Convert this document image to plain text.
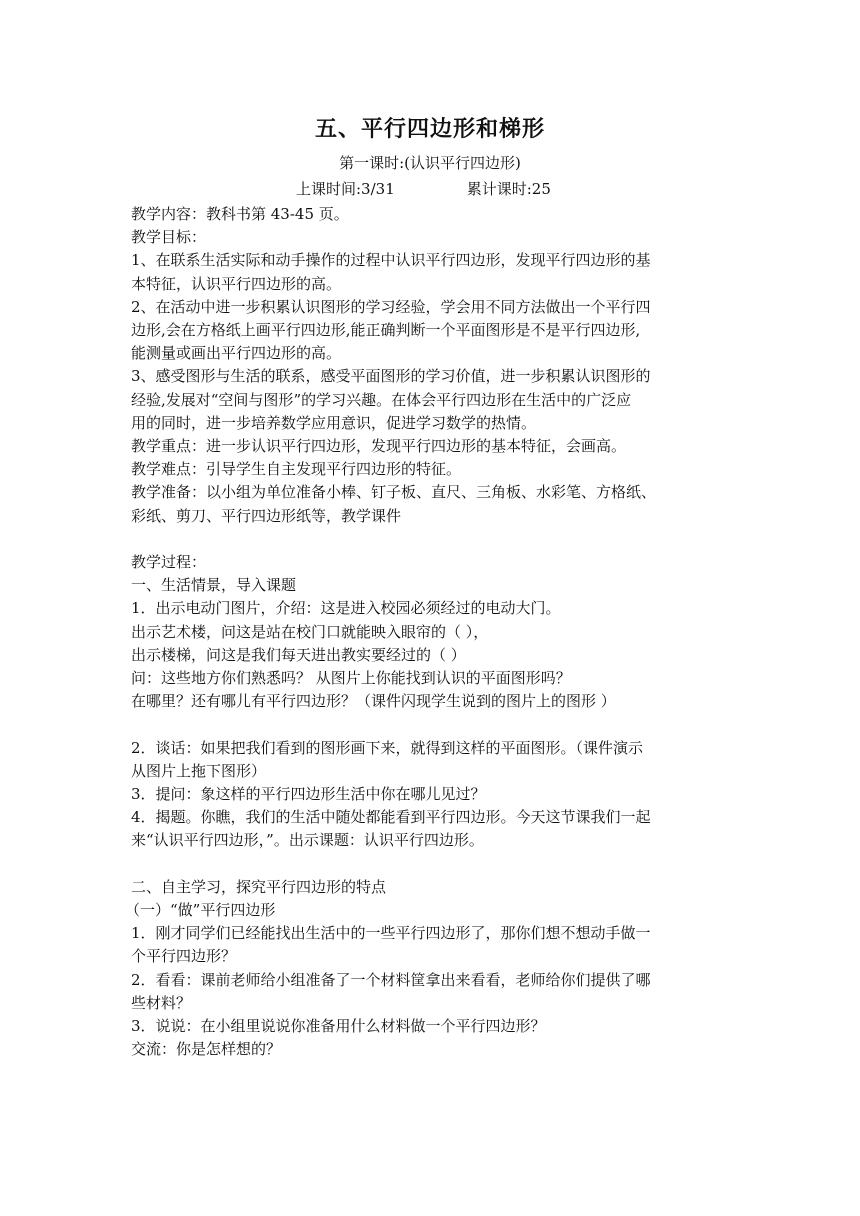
五、平行四边形和梯形
第一课时:(认识平行四边形)
上课时间:3/31	累计课时:25

教学内容：教科书第 43-45 页。

教学目标：

1、在联系生活实际和动手操作的过程中认识平行四边形，发现平行四边形的基

本特征，认识平行四边形的高。

2、在活动中进一步积累认识图形的学习经验，学会用不同方法做出一个平行四

边形,会在方格纸上画平行四边形,能正确判断一个平面图形是不是平行四边形,

能测量或画出平行四边形的高。

3、感受图形与生活的联系，感受平面图形的学习价值，进一步积累认识图形的

经验,发展对“空间与图形”的学习兴趣。在体会平行四边形在生活中的广泛应

用的同时，进一步培养数学应用意识，促进学习数学的热情。

教学重点：进一步认识平行四边形，发现平行四边形的基本特征，会画高。

教学难点：引导学生自主发现平行四边形的特征。

教学准备：以小组为单位准备小棒、钉子板、直尺、三角板、水彩笔、方格纸、

彩纸、剪刀、平行四边形纸等，教学课件

教学过程：

一、生活情景，导入课题

1．出示电动门图片，介绍：这是进入校园必须经过的电动大门。

出示艺术楼，问这是站在校门口就能映入眼帘的（ ），

出示楼梯，问这是我们每天进出教实要经过的（ ）

问：这些地方你们熟悉吗？ 从图片上你能找到认识的平面图形吗？

在哪里？还有哪儿有平行四边形？（课件闪现学生说到的图片上的图形 ）

2．谈话：如果把我们看到的图形画下来，就得到这样的平面图形。（课件演示

从图片上拖下图形）

3．提问：象这样的平行四边形生活中你在哪儿见过？

4．揭题。你瞧，我们的生活中随处都能看到平行四边形。今天这节课我们一起

来“认识平行四边形，”。出示课题：认识平行四边形。

二、自主学习，探究平行四边形的特点

（一）“做”平行四边形

1．刚才同学们已经能找出生活中的一些平行四边形了，那你们想不想动手做一

个平行四边形？

2．看看：课前老师给小组准备了一个材料筐拿出来看看，老师给你们提供了哪

些材料？

3．说说：在小组里说说你准备用什么材料做一个平行四边形？

交流：你是怎样想的？
